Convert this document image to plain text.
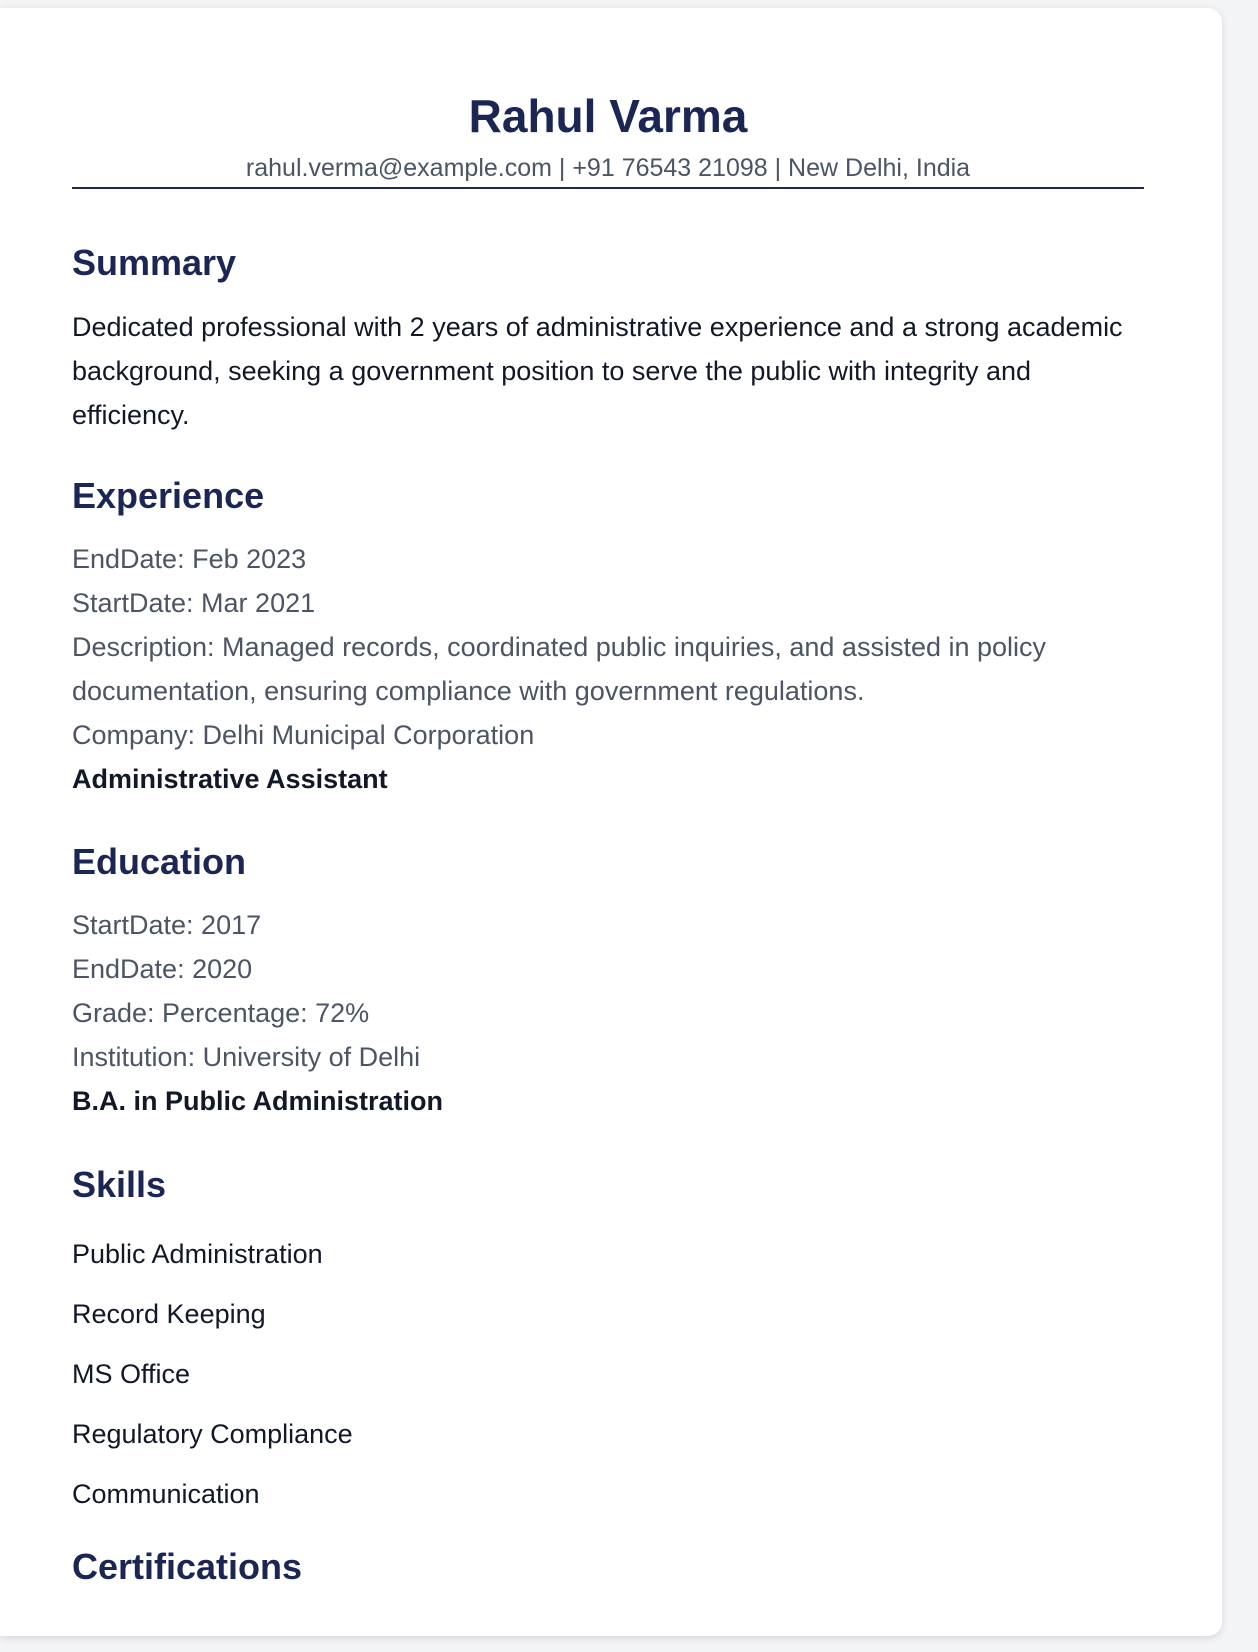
Rahul Varma
rahul.verma@example.com | +91 76543 21098 | New Delhi, India
Summary
Dedicated professional with 2 years of administrative experience and a strong academic background, seeking a government position to serve the public with integrity and efficiency.
Experience
EndDate: Feb 2023
StartDate: Mar 2021
Description: Managed records, coordinated public inquiries, and assisted in policy documentation, ensuring compliance with government regulations.
Company: Delhi Municipal Corporation
Administrative Assistant
Education
StartDate: 2017
EndDate: 2020
Grade: Percentage: 72%
Institution: University of Delhi
B.A. in Public Administration
Skills
Public Administration
Record Keeping
MS Office
Regulatory Compliance
Communication
Certifications
